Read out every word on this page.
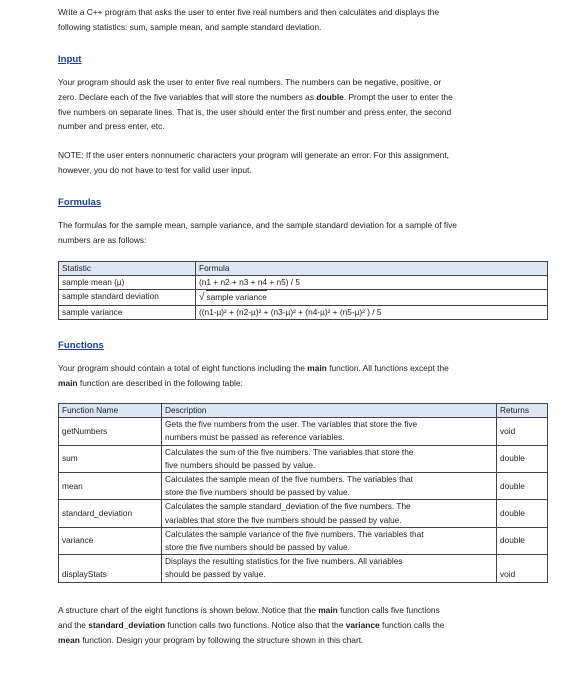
Write a C++ program that asks the user to enter five real numbers and then calculates and displays the
following statistics: sum, sample mean, and sample standard deviation.
Input
Your program should ask the user to enter five real numbers. The numbers can be negative, positive, or
zero. Declare each of the five variables that will store the numbers as double. Prompt the user to enter the
five numbers on separate lines. That is, the user should enter the first number and press enter, the second
number and press enter, etc.
NOTE: If the user enters nonnumeric characters your program will generate an error. For this assignment,
however, you do not have to test for valid user input.
Formulas
The formulas for the sample mean, sample variance, and the sample standard deviation for a sample of five
numbers are as follows:
Statistic	Formula
sample mean (µ)	(n1 + n2 + n3 + n4 + n5) / 5
sample standard deviation	√ sample variance
sample variance	((n1-µ)² + (n2-µ)² + (n3-µ)² + (n4-µ)² + (n5-µ)² ) / 5
Functions
Your program should contain a total of eight functions including the main function. All functions except the
main function are described in the following table:
Function Name	Description	Returns
getNumbers	Gets the five numbers from the user. The variables that store the five
numbers must be passed as reference variables.	void
sum	Calculates the sum of the five numbers. The variables that store the
five numbers should be passed by value.	double
mean	Calculates the sample mean of the five numbers. The variables that
store the five numbers should be passed by value.	double
standard_deviation	Calculates the sample standard_deviation of the five numbers. The
variables that store the five numbers should be passed by value.	double
variance	Calculates the sample variance of the five numbers. The variables that
store the five numbers should be passed by value.	double
displayStats	Displays the resulting statistics for the five numbers. All variables
should be passed by value.	void
A structure chart of the eight functions is shown below. Notice that the main function calls five functions
and the standard_deviation function calls two functions. Notice also that the variance function calls the
mean function. Design your program by following the structure shown in this chart.
